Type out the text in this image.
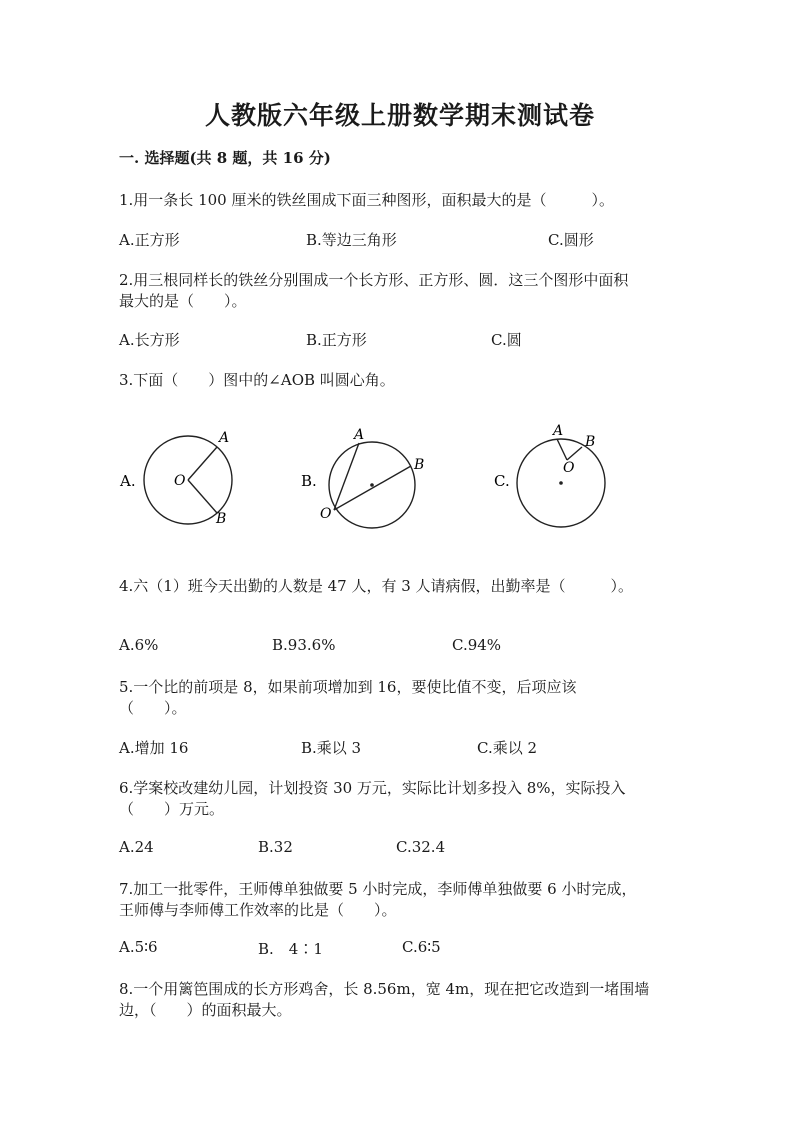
人教版六年级上册数学期末测试卷
一. 选择题(共 8 题，共 16 分)
1.用一条长 100 厘米的铁丝围成下面三种图形，面积最大的是（　　　）。
A.正方形	B.等边三角形	C.圆形
2.用三根同样长的铁丝分别围成一个长方形、正方形、圆．这三个图形中面积
最大的是（　　）。
A.长方形	B.正方形	C.圆
3.下面（　　）图中的∠AOB 叫圆心角。
A.
A
B
O	B.
A
B
O
C.
A
B
O
4.六（1）班今天出勤的人数是 47 人，有 3 人请病假，出勤率是（　　　）。
A.6%	B.93.6%	C.94%
5.一个比的前项是 8，如果前项增加到 16，要使比值不变，后项应该
（　　）。
A.增加 16	B.乘以 3	C.乘以 2
6.学案校改建幼儿园，计划投资 30 万元，实际比计划多投入 8%，实际投入
（　　）万元。
A.24	B.32	C.32.4
7.加工一批零件，王师傅单独做要 5 小时完成，李师傅单独做要 6 小时完成，
王师傅与李师傅工作效率的比是（　　）。
A.5∶6	B.　4∶1	C.6∶5
8.一个用篱笆围成的长方形鸡舍，长 8.56m，宽 4m，现在把它改造到一堵围墙
边，（　　）的面积最大。
